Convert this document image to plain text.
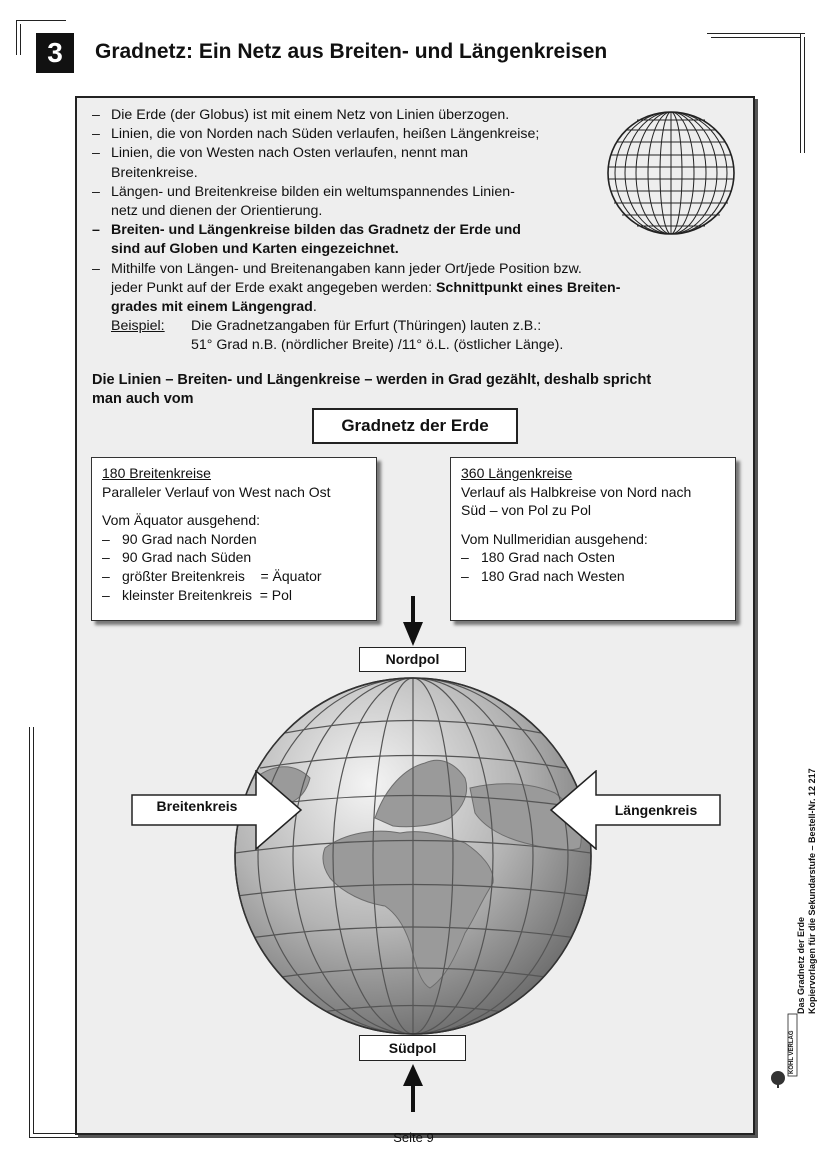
3	Gradnetz: Ein Netz aus Breiten- und Längenkreisen
– Die Erde (der Globus) ist mit einem Netz von Linien überzogen.
– Linien, die von Norden nach Süden verlaufen, heißen Längenkreise;
– Linien, die von Westen nach Osten verlaufen, nennt man
Breitenkreise.
– Längen- und Breitenkreise bilden ein weltumspannendes Linien-
netz und dienen der Orientierung.
– Breiten- und Längenkreise bilden das Gradnetz der Erde und
sind auf Globen und Karten eingezeichnet.
– Mithilfe von Längen- und Breitenangaben kann jeder Ort/jede Position bzw.
jeder Punkt auf der Erde exakt angegeben werden: Schnittpunkt eines Breiten-
grades mit einem Längengrad.
Beispiel:	Die Gradnetzangaben für Erfurt (Thüringen) lauten z.B.:
51° Grad n.B. (nördlicher Breite) /11° ö.L. (östlicher Länge).
Die Linien – Breiten- und Längenkreise – werden in Grad gezählt, deshalb spricht
man auch vom
Gradnetz der Erde
180 Breitenkreise
Paralleler Verlauf von West nach Ost
Vom Äquator ausgehend:
– 90 Grad nach Norden
– 90 Grad nach Süden
– größter Breitenkreis    = Äquator
– kleinster Breitenkreis  = Pol
360 Längenkreise
Verlauf als Halbkreise von Nord nach
Süd – von Pol zu Pol
Vom Nullmeridian ausgehend:
– 180 Grad nach Osten
– 180 Grad nach Westen
Nordpol
Südpol
Breitenkreis	Längenkreis
Das Gradnetz der Erde Kopiervorlagen für die Sekundarstufe – Bestell-Nr. 12 217
KOHL VERLAG
Seite 9
